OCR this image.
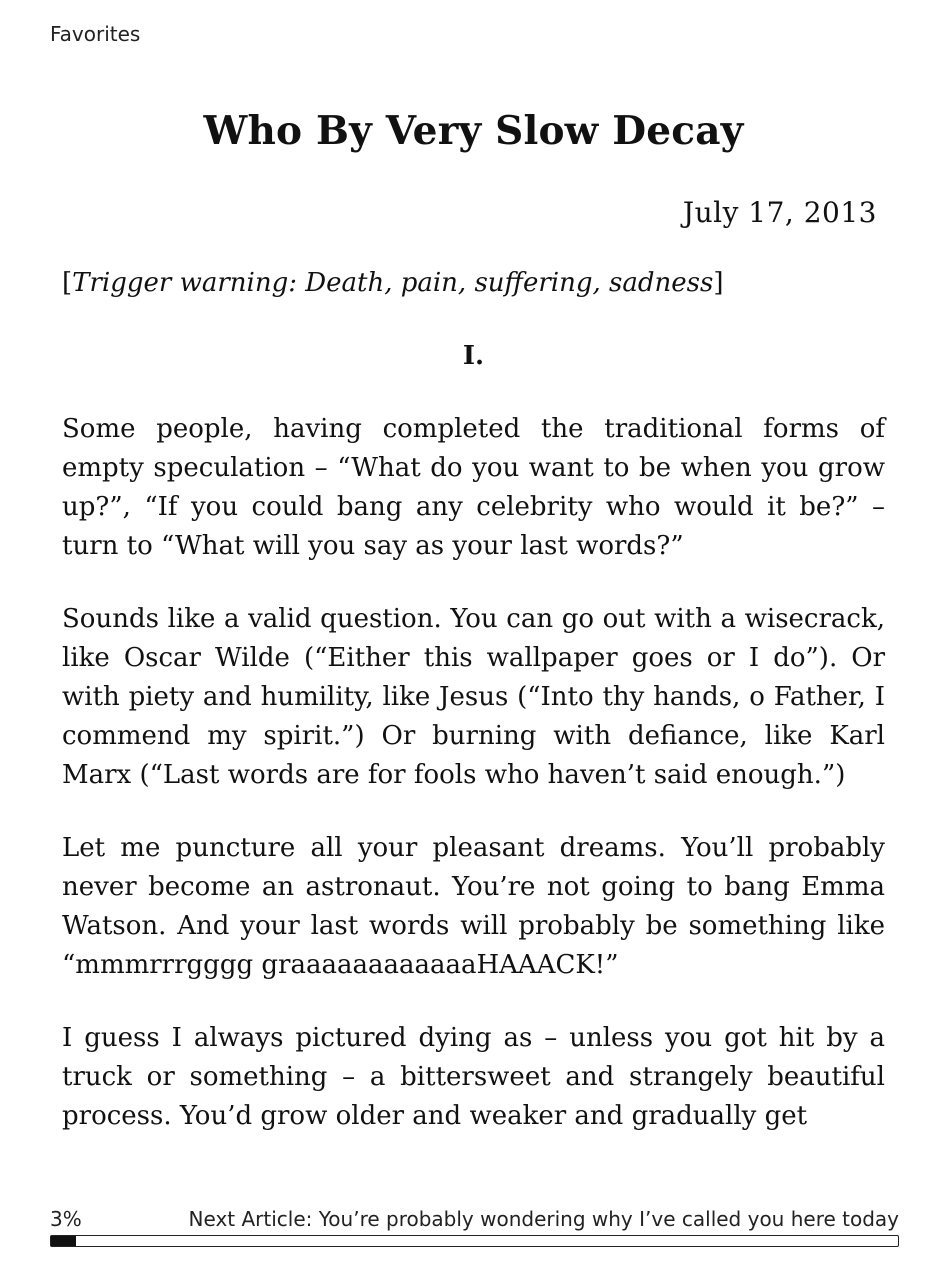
Favorites
Who By Very Slow Decay
July 17, 2013

[Trigger warning: Death, pain, suffering, sadness]

I.

Some people, having completed the traditional forms of empty speculation – “What do you want to be when you grow up?”, “If you could bang any celebrity who would it be?” – turn to “What will you say as your last words?”

Sounds like a valid question. You can go out with a wisecrack, like Oscar Wilde (“Either this wallpaper goes or I do”). Or with piety and humility, like Jesus (“Into thy hands, o Father, I commend my spirit.”) Or burning with defiance, like Karl Marx (“Last words are for fools who haven’t said enough.”)

Let me puncture all your pleasant dreams. You’ll probably never become an astronaut. You’re not going to bang Emma Watson. And your last words will probably be something like “mmmrrrgggg graaaaaaaaaaaaHAAACK!”

I guess I always pictured dying as – unless you got hit by a truck or something – a bittersweet and strangely beautiful process. You’d grow older and weaker and gradually get

3%	Next Article: You’re probably wondering why I’ve called you here today
